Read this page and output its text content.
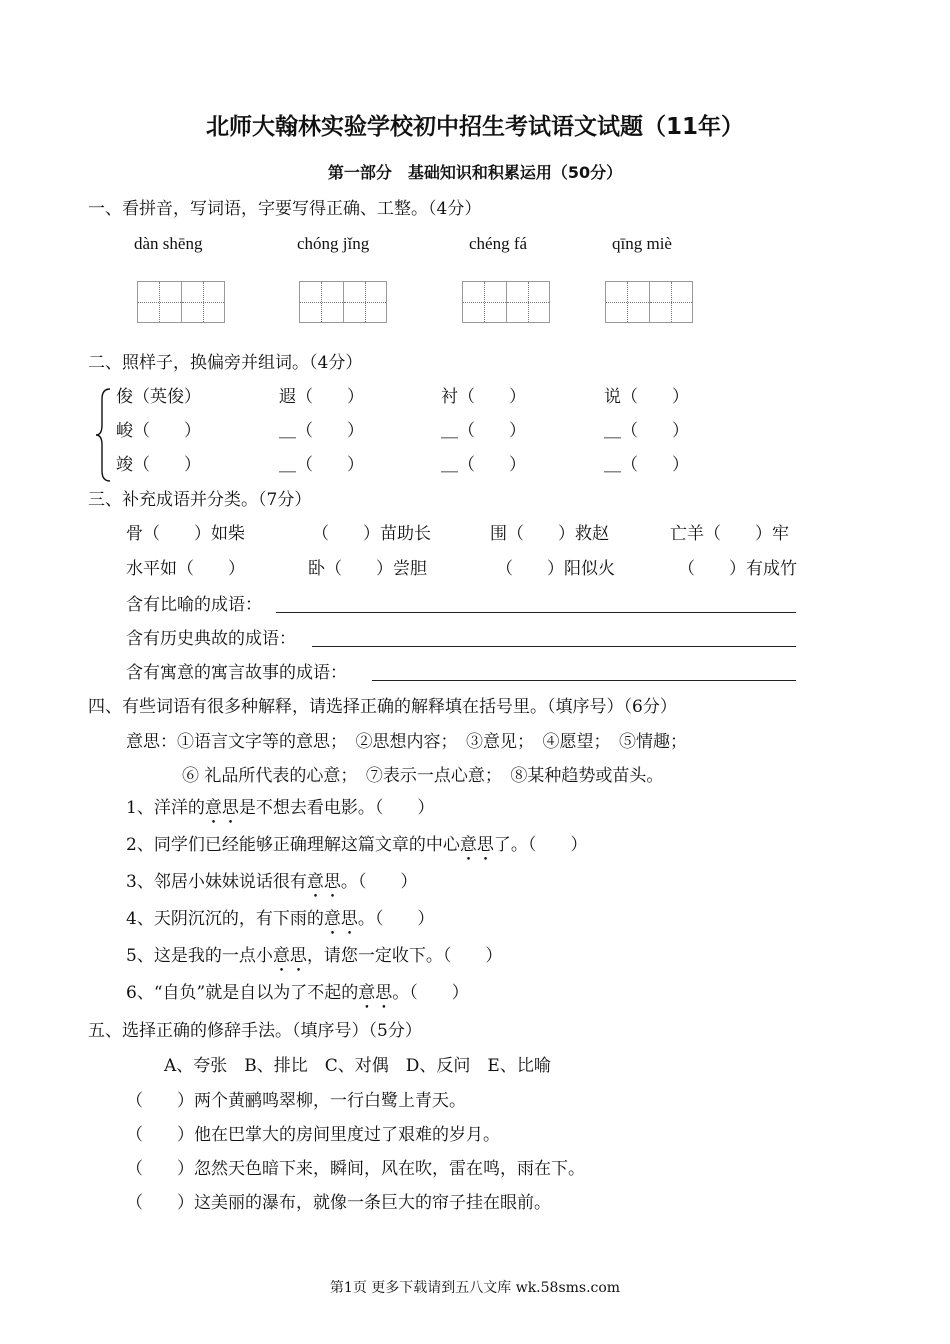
北师大翰林实验学校初中招生考试语文试题（11年）
第一部分　基础知识和积累运用（50分）
一、看拼音，写词语，字要写得正确、工整。（4分）
dàn shēng	chóng jǐng	chéng fá	qīng miè
二、照样子，换偏旁并组词。（4分）
俊（英俊）	遐（　　）	衬（　　）	说（　　）
峻（　　）	＿（　　）	＿（　　）	＿（　　）
竣（　　）	＿（　　）	＿（　　）	＿（　　）
三、补充成语并分类。（7分）
骨（　　）如柴	（　　）苗助长	围（　　）救赵	亡羊（　　）牢
水平如（　　）	卧（　　）尝胆	（　　）阳似火	（　　）有成竹
含有比喻的成语：
含有历史典故的成语：
含有寓意的寓言故事的成语：
四、有些词语有很多种解释，请选择正确的解释填在括号里。（填序号）（6分）
意思：①语言文字等的意思；　②思想内容；　③意见；　④愿望；　⑤情趣；
⑥ 礼品所代表的心意；　⑦表示一点心意；　⑧某种趋势或苗头。
1、洋洋的意思是不想去看电影。（　　）
2、同学们已经能够正确理解这篇文章的中心意思了。（　　）
3、邻居小妹妹说话很有意思。（　　）
4、天阴沉沉的，有下雨的意思。（　　）
5、这是我的一点小意思，请您一定收下。（　　）
6、“自负”就是自以为了不起的意思。（　　）
五、选择正确的修辞手法。（填序号）（5分）
A、夸张　B、排比　C、对偶　D、反问　E、比喻
（　　）两个黄鹂鸣翠柳，一行白鹭上青天。
（　　）他在巴掌大的房间里度过了艰难的岁月。
（　　）忽然天色暗下来，瞬间，风在吹，雷在鸣，雨在下。
（　　）这美丽的瀑布，就像一条巨大的帘子挂在眼前。
第1页 更多下载请到五八文库 wk.58sms.com
